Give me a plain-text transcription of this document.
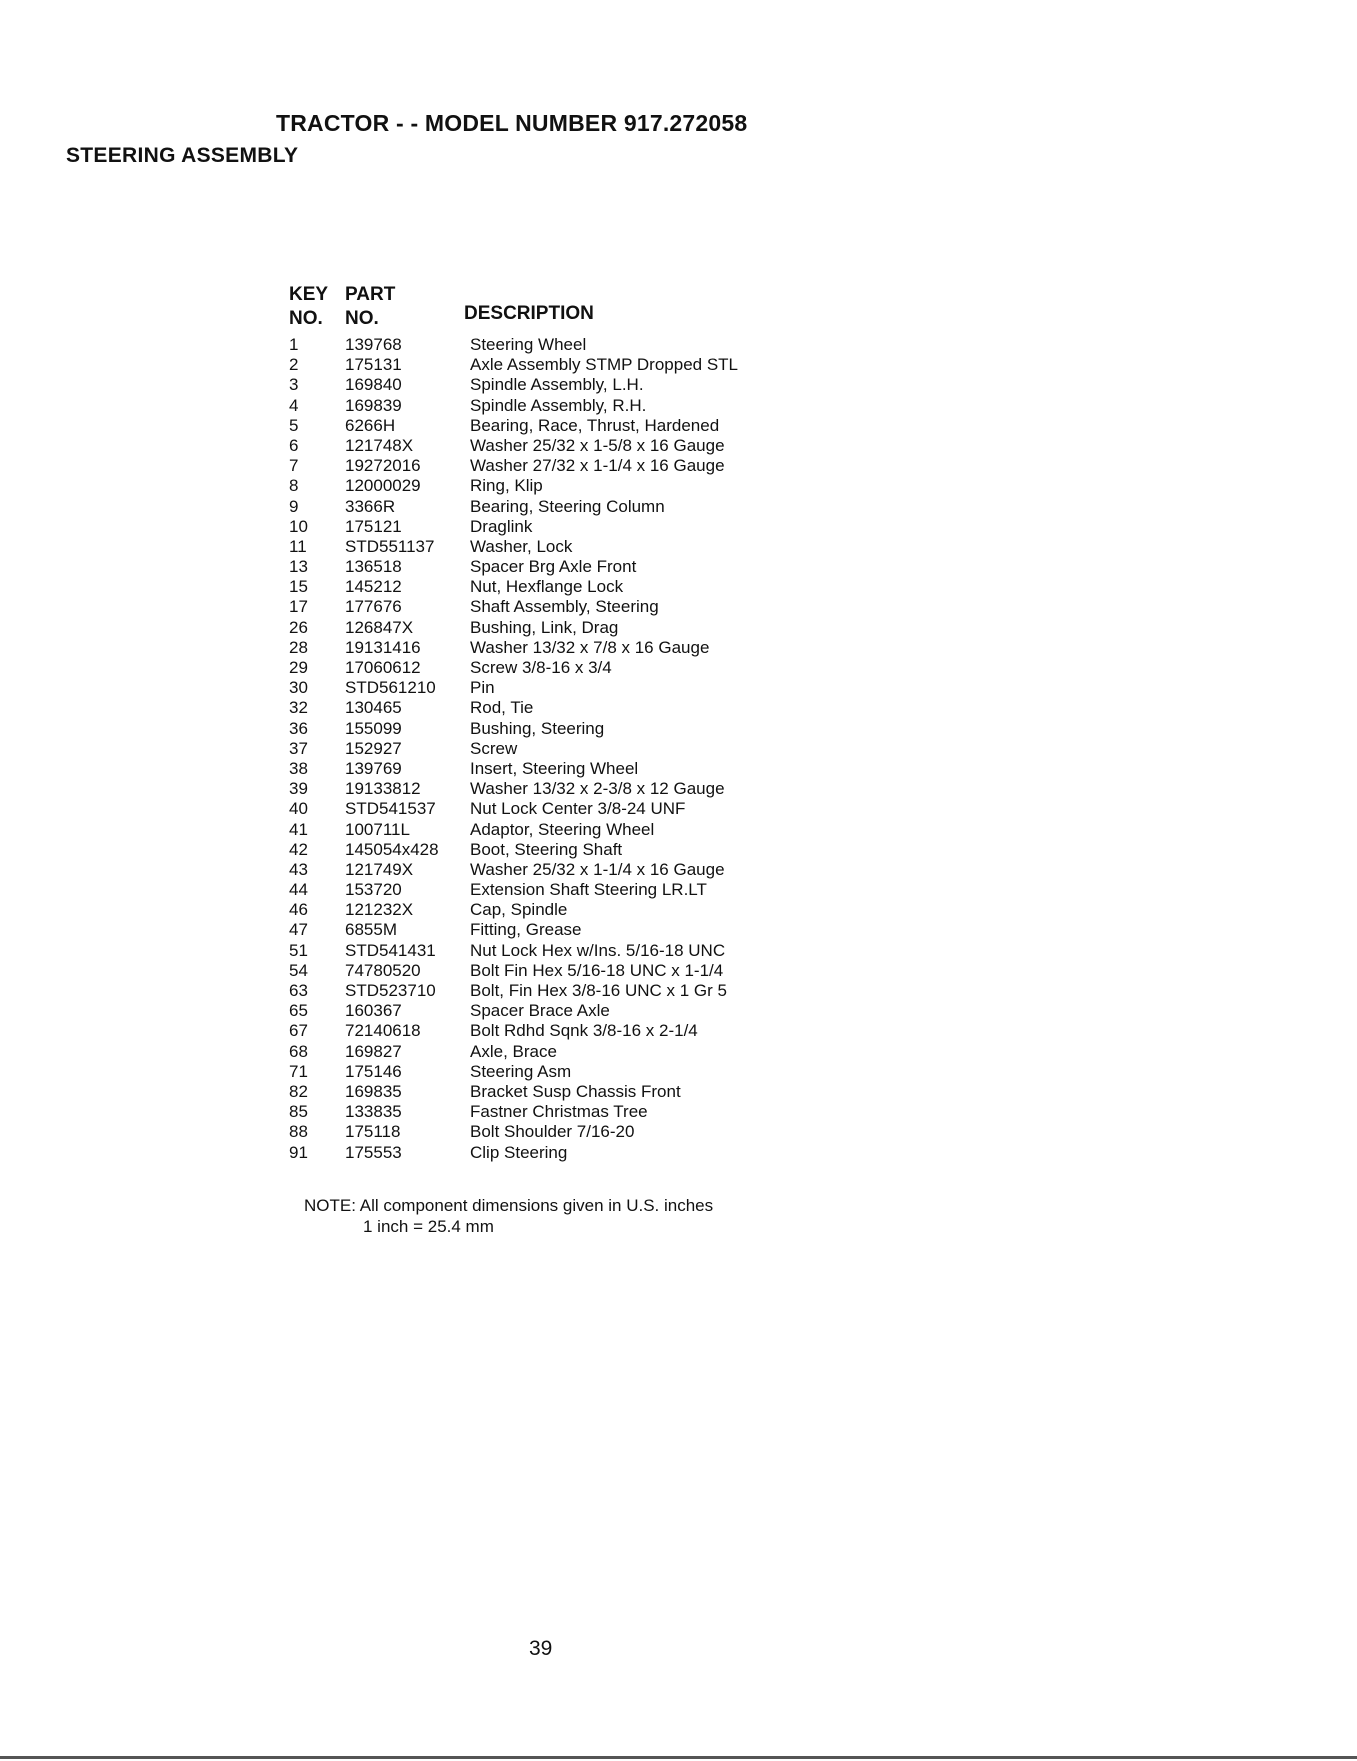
TRACTOR - - MODEL NUMBER 917.272058
STEERING ASSEMBLY
KEY
NO.
PART
NO.	DESCRIPTION
1	139768	Steering Wheel
2	175131	Axle Assembly STMP Dropped STL
3	169840	Spindle Assembly, L.H.
4	169839	Spindle Assembly, R.H.
5	6266H	Bearing, Race, Thrust, Hardened
6	121748X	Washer 25/32 x 1-5/8 x 16 Gauge
7	19272016	Washer 27/32 x 1-1/4 x 16 Gauge
8	12000029	Ring, Klip
9	3366R	Bearing, Steering Column
10 175121	Draglink
11 STD551137 Washer, Lock
13 136518	Spacer Brg Axle Front
15 145212	Nut, Hexflange Lock
17 177676	Shaft Assembly, Steering
26 126847X	Bushing, Link, Drag
28 19131416	Washer 13/32 x 7/8 x 16 Gauge
29 17060612	Screw 3/8-16 x 3/4
30 STD561210 Pin
32 130465	Rod, Tie
36 155099	Bushing, Steering
37 152927	Screw
38 139769	Insert, Steering Wheel
39 19133812	Washer 13/32 x 2-3/8 x 12 Gauge
40 STD541537 Nut Lock Center 3/8-24 UNF
41 100711L	Adaptor, Steering Wheel
42 145054x428 Boot, Steering Shaft
43 121749X	Washer 25/32 x 1-1/4 x 16 Gauge
44 153720	Extension Shaft Steering LR.LT
46 121232X	Cap, Spindle
47 6855M	Fitting, Grease
51 STD541431 Nut Lock Hex w/Ins. 5/16-18 UNC
54 74780520	Bolt Fin Hex 5/16-18 UNC x 1-1/4
63 STD523710 Bolt, Fin Hex 3/8-16 UNC x 1 Gr 5
65 160367	Spacer Brace Axle
67 72140618	Bolt Rdhd Sqnk 3/8-16 x 2-1/4
68 169827	Axle, Brace
71 175146	Steering Asm
82 169835	Bracket Susp Chassis Front
85 133835	Fastner Christmas Tree
88 175118	Bolt Shoulder 7/16-20
91 175553	Clip Steering
NOTE: All component dimensions given in U.S. inches
1 inch = 25.4 mm
39
